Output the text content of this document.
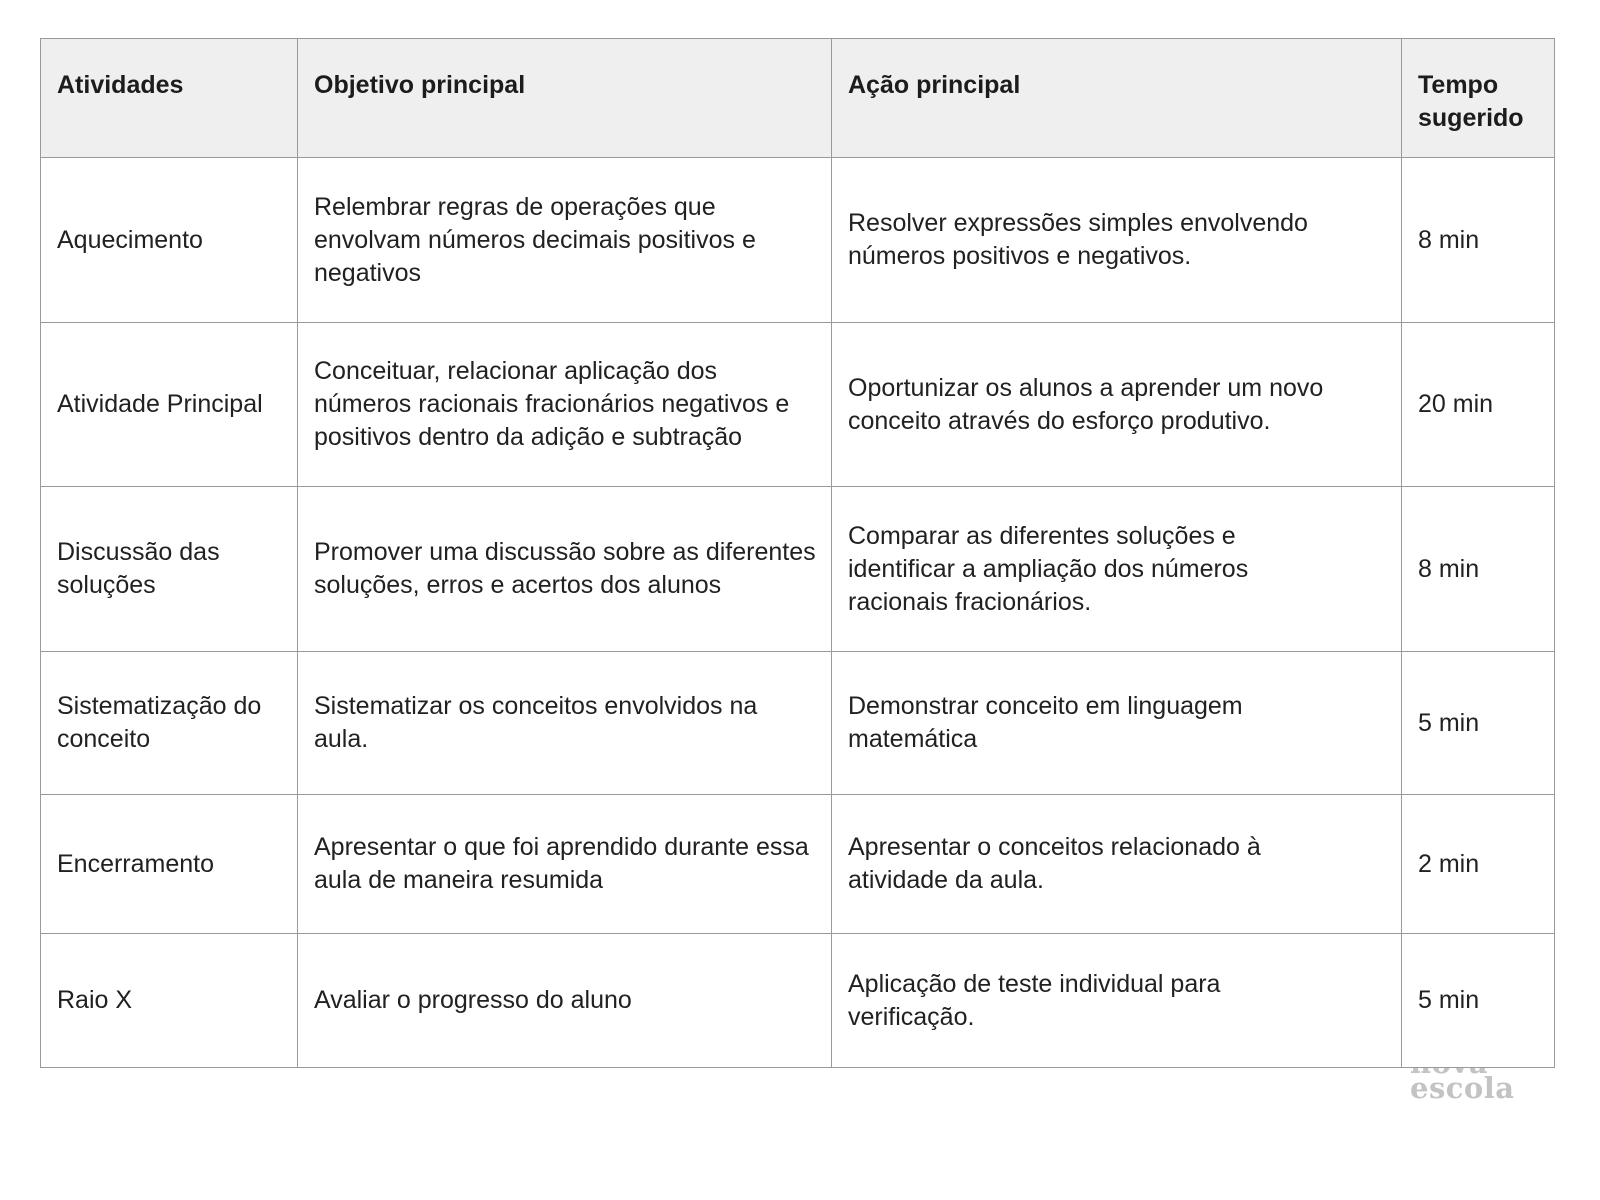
escola
Atividades	Objetivo principal	Ação principal	Tempo sugerido
Aquecimento	Relembrar regras de operações que envolvam números decimais positivos e negativos	Resolver expressões simples envolvendo números positivos e negativos.	8 min
Atividade Principal	Conceituar, relacionar aplicação dos números racionais fracionários negativos e positivos dentro da adição e subtração	Oportunizar os alunos a aprender um novo conceito através do esforço produtivo.	20 min
Discussão das soluções	Promover uma discussão sobre as diferentes soluções, erros e acertos dos alunos	Comparar as diferentes soluções e identificar a ampliação dos números racionais fracionários.	8 min
Sistematização do conceito	Sistematizar os conceitos envolvidos na aula.	Demonstrar conceito em linguagem matemática	5 min
Encerramento	Apresentar o que foi aprendido durante essa aula de maneira resumida	Apresentar o conceitos relacionado à atividade da aula.	2 min
Raio X	Avaliar o progresso do aluno	Aplicação de teste individual para verificação.	5 min
